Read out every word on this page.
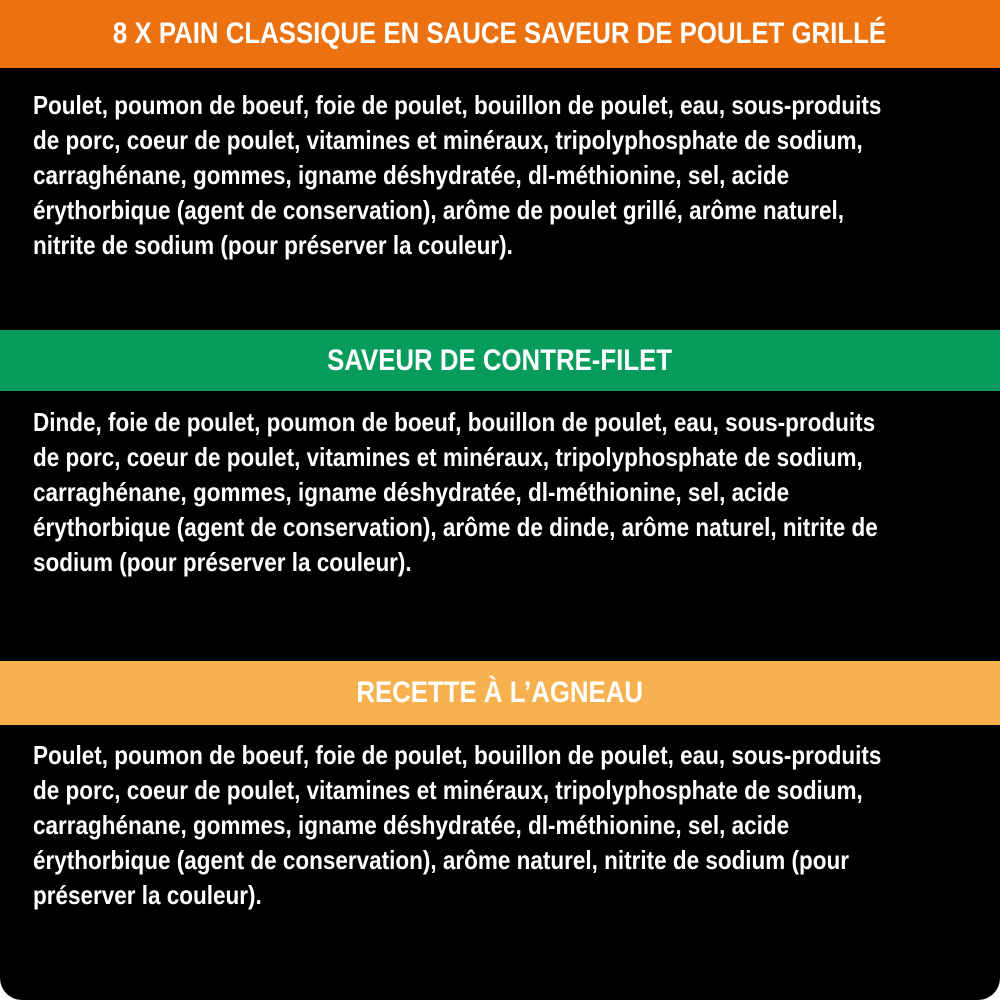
8 X PAIN CLASSIQUE EN SAUCE SAVEUR DE POULET GRILLÉ
Poulet, poumon de boeuf, foie de poulet, bouillon de poulet, eau, sous-produits
de porc, coeur de poulet, vitamines et minéraux, tripolyphosphate de sodium,
carraghénane, gommes, igname déshydratée, dl-méthionine, sel, acide
érythorbique (agent de conservation), arôme de poulet grillé, arôme naturel,
nitrite de sodium (pour préserver la couleur).
SAVEUR DE CONTRE-FILET
Dinde, foie de poulet, poumon de boeuf, bouillon de poulet, eau, sous-produits
de porc, coeur de poulet, vitamines et minéraux, tripolyphosphate de sodium,
carraghénane, gommes, igname déshydratée, dl-méthionine, sel, acide
érythorbique (agent de conservation), arôme de dinde, arôme naturel, nitrite de
sodium (pour préserver la couleur).
RECETTE À L’AGNEAU
Poulet, poumon de boeuf, foie de poulet, bouillon de poulet, eau, sous-produits
de porc, coeur de poulet, vitamines et minéraux, tripolyphosphate de sodium,
carraghénane, gommes, igname déshydratée, dl-méthionine, sel, acide
érythorbique (agent de conservation), arôme naturel, nitrite de sodium (pour
préserver la couleur).
